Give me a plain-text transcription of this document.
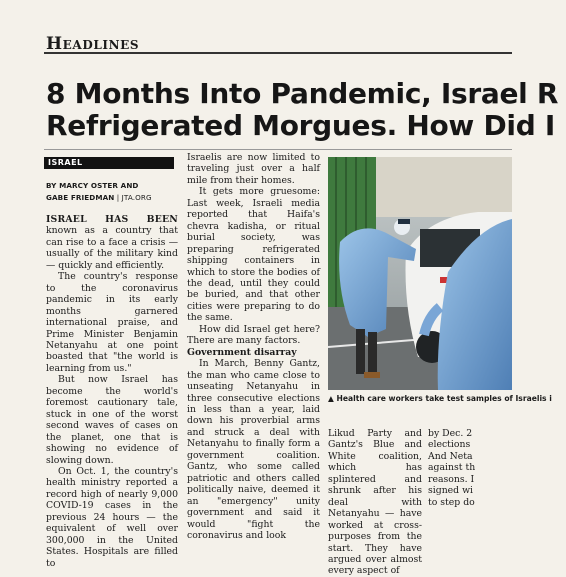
Headlines
8 Months Into Pandemic, Israel R
Refrigerated Morgues. How Did I
ISRAEL
BY MARCY OSTER AND
GABE FRIEDMAN | JTA.ORG

ISRAEL HAS BEEN known as a country that can rise to a face a crisis — usually of the military kind — quickly and efficiently.

The country's response to the coronavirus pandemic in its early months garnered international praise, and Prime Minister Benjamin Netanyahu at one point boasted that "the world is learning from us."

But now Israel has become the world's foremost cautionary tale, stuck in one of the worst second waves of cases on the planet, one that is showing no evidence of slowing down.

On Oct. 1, the country's health ministry reported a record high of nearly 9,000 COVID-19 cases in the previous 24 hours — the equivalent of well over 300,000 in the United States. Hospitals are filled to

Israelis are now limited to traveling just over a half mile from their homes.

It gets more gruesome: Last week, Israeli media reported that Haifa's chevra kadisha, or ritual burial society, was preparing refrigerated shipping containers in which to store the bodies of the dead, until they could be buried, and that other cities were preparing to do the same.

How did Israel get here? There are many factors.

Government disarray

In March, Benny Gantz, the man who came close to unseating Netanyahu in three consecutive elections in less than a year, laid down his proverbial arms and struck a deal with Netanyahu to finally form a government coalition. Gantz, who some called patriotic and others called politically naive, deemed it an "emergency" unity government and said it would "fight the coronavirus and look

▲ Health care workers take test samples of Israelis i

Likud Party and Gantz's Blue and White coalition, which has splintered and shrunk after his deal with Netanyahu — have worked at cross-purposes from the start. They have argued over almost every aspect of

by Dec. 2
elections
And Neta
against th
reasons. I
signed wi
to step do
